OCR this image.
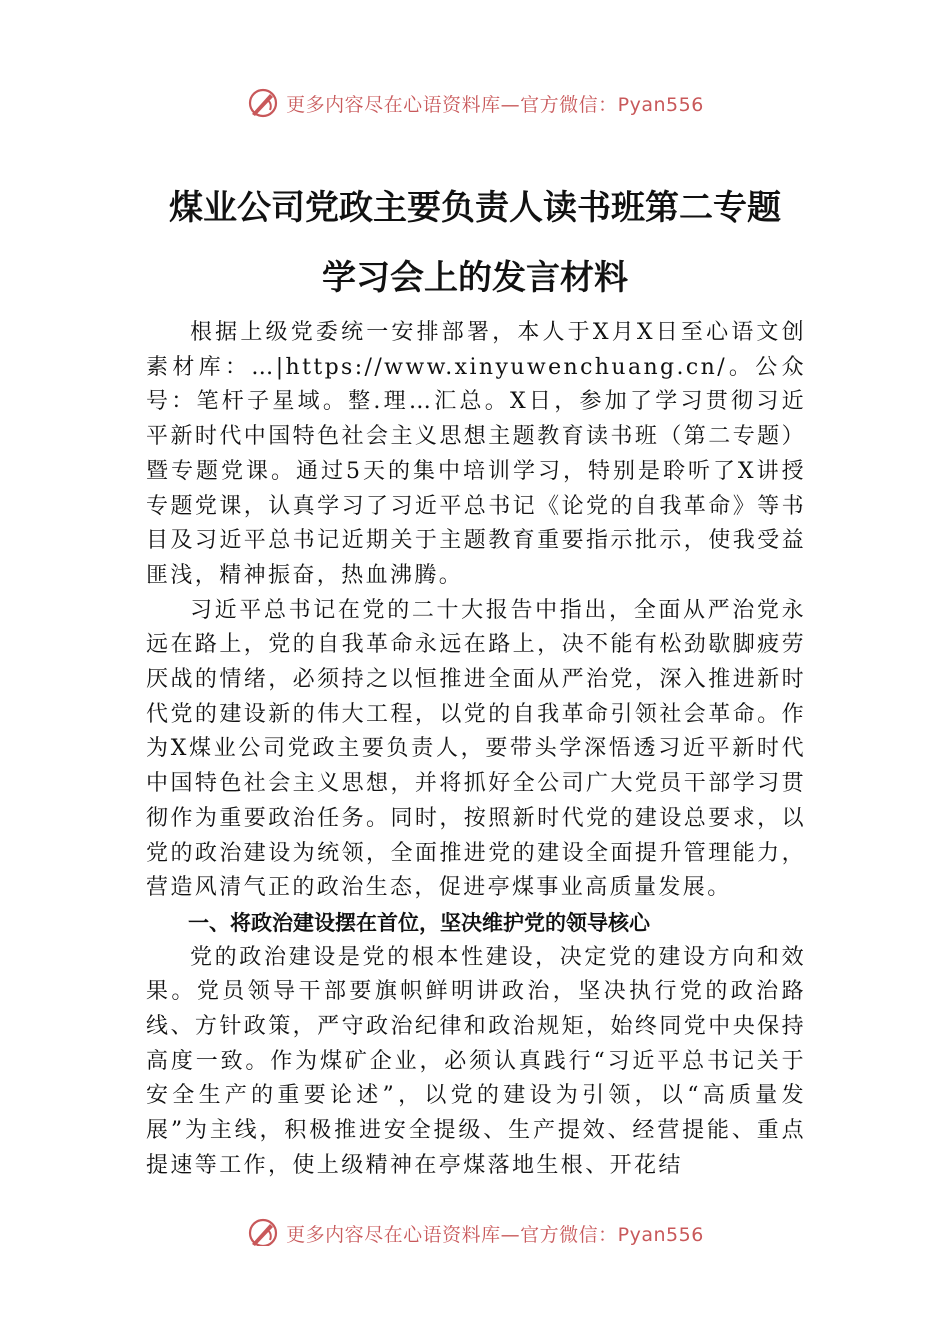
更多内容尽在心语资料库—官方微信：Pyan556
煤业公司党政主要负责人读书班第二专题
学习会上的发言材料

根据上级党委统一安排部署，本人于X月X日至心语文创素材库：…|https://www.xinyuwenchuang.cn/。公众号：笔杆子星域。整.理…汇总。X日，参加了学习贯彻习近平新时代中国特色社会主义思想主题教育读书班（第二专题）暨专题党课。通过5天的集中培训学习，特别是聆听了X讲授专题党课，认真学习了习近平总书记《论党的自我革命》等书目及习近平总书记近期关于主题教育重要指示批示，使我受益匪浅，精神振奋，热血沸腾。

习近平总书记在党的二十大报告中指出，全面从严治党永远在路上，党的自我革命永远在路上，决不能有松劲歇脚疲劳厌战的情绪，必须持之以恒推进全面从严治党，深入推进新时代党的建设新的伟大工程，以党的自我革命引领社会革命。作为X煤业公司党政主要负责人，要带头学深悟透习近平新时代中国特色社会主义思想，并将抓好全公司广大党员干部学习贯彻作为重要政治任务。同时，按照新时代党的建设总要求，以党的政治建设为统领，全面推进党的建设全面提升管理能力，营造风清气正的政治生态，促进亭煤事业高质量发展。

一、将政治建设摆在首位，坚决维护党的领导核心

党的政治建设是党的根本性建设，决定党的建设方向和效果。党员领导干部要旗帜鲜明讲政治，坚决执行党的政治路线、方针政策，严守政治纪律和政治规矩，始终同党中央保持高度一致。作为煤矿企业，必须认真践行“习近平总书记关于安全生产的重要论述”，以党的建设为引领，以“高质量发展”为主线，积极推进安全提级、生产提效、经营提能、重点提速等工作，使上级精神在亭煤落地生根、开花结

更多内容尽在心语资料库—官方微信：Pyan556
